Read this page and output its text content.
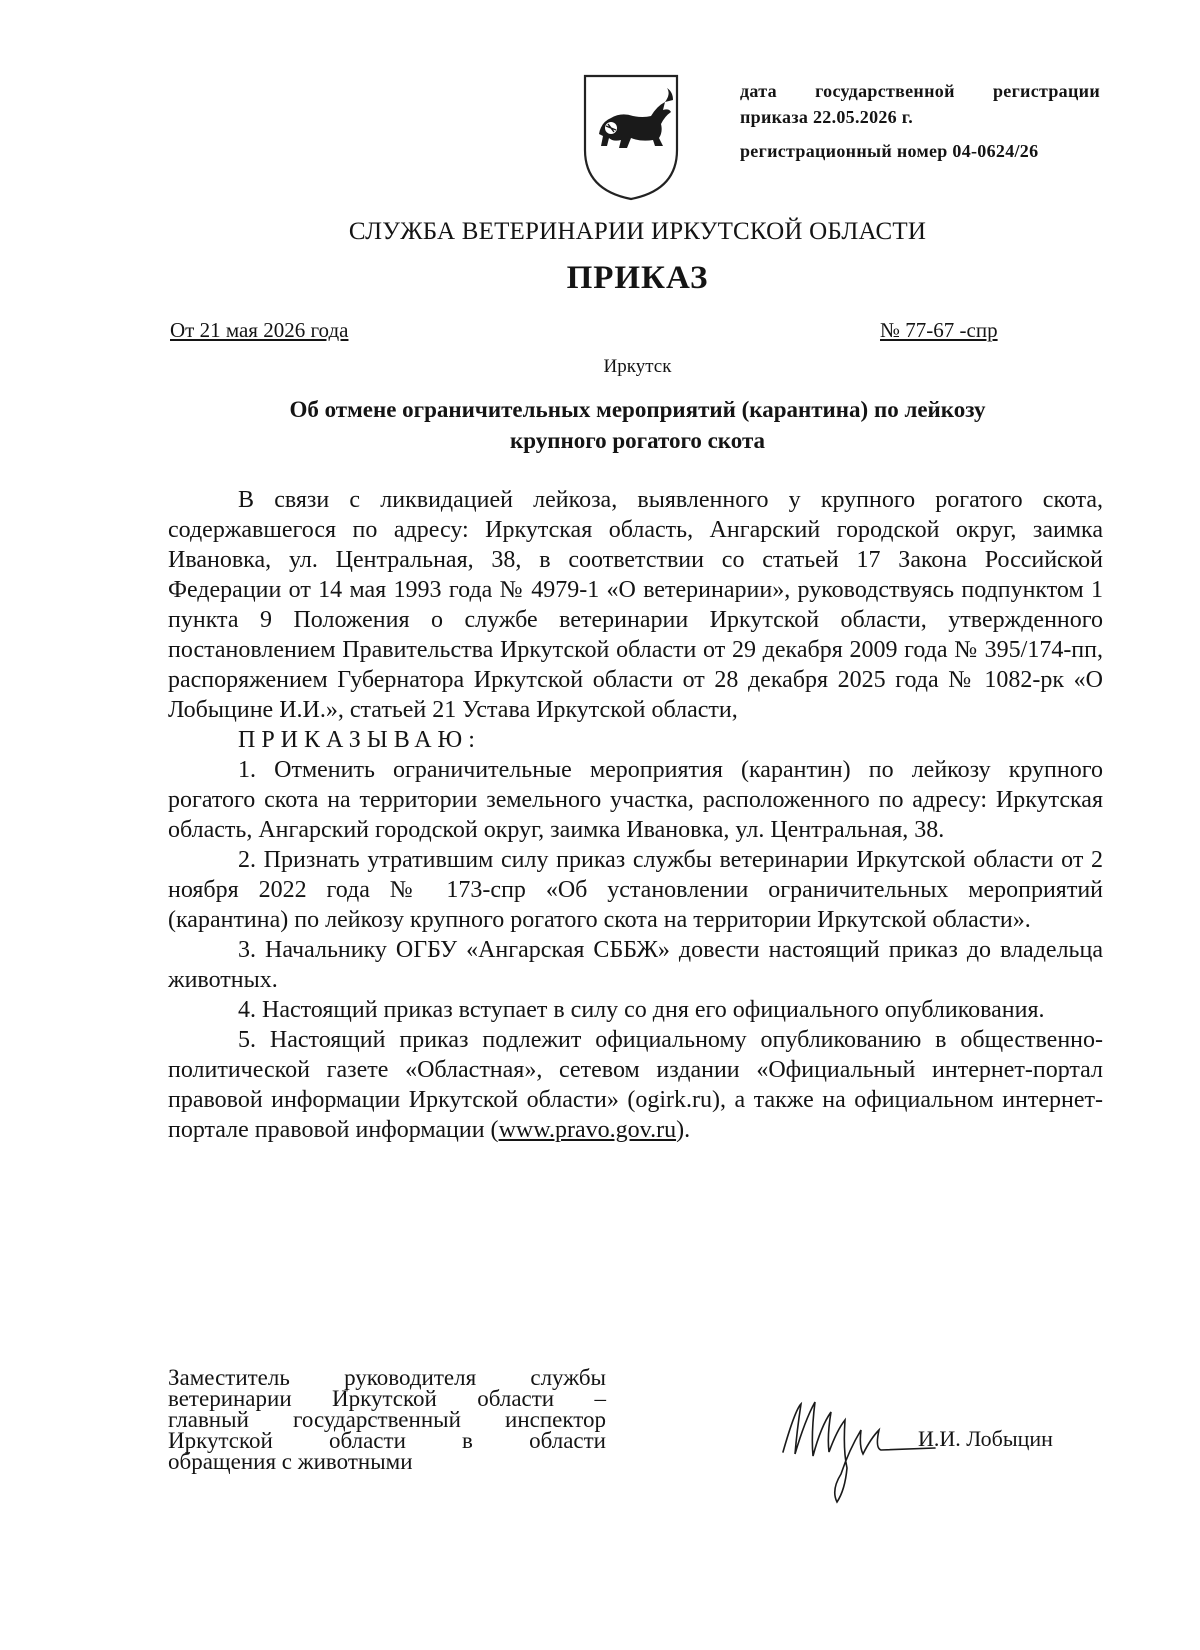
дата государственной регистрации
приказа 22.05.2026 г.
регистрационный номер 04-0624/26
СЛУЖБА ВЕТЕРИНАРИИ ИРКУТСКОЙ ОБЛАСТИ
ПРИКАЗ
От 21 мая 2026 года	№ 77-67 -спр
Иркутск
Об отмене ограничительных мероприятий (карантина) по лейкозу
крупного рогатого скота

В связи с ликвидацией лейкоза, выявленного у крупного рогатого скота, содержавшегося по адресу: Иркутская область, Ангарский городской округ, заимка Ивановка, ул. Центральная, 38, в соответствии со статьей 17 Закона Российской Федерации от 14 мая 1993 года № 4979-1 «О ветеринарии», руководствуясь подпунктом 1 пункта 9 Положения о службе ветеринарии Иркутской области, утвержденного постановлением Правительства Иркутской области от 29 декабря 2009 года № 395/174-пп, распоряжением Губернатора Иркутской области от 28 декабря 2025 года № 1082-рк «О Лобыцине И.И.», статьей 21 Устава Иркутской области,

ПРИКАЗЫВАЮ:

1. Отменить ограничительные мероприятия (карантин) по лейкозу крупного рогатого скота на территории земельного участка, расположенного по адресу: Иркутская область, Ангарский городской округ, заимка Ивановка, ул. Центральная, 38.

2. Признать утратившим силу приказ службы ветеринарии Иркутской области от 2 ноября 2022 года № 173-спр «Об установлении ограничительных мероприятий (карантина) по лейкозу крупного рогатого скота на территории Иркутской области».

3. Начальнику ОГБУ «Ангарская СББЖ» довести настоящий приказ до владельца животных.

4. Настоящий приказ вступает в силу со дня его официального опубликования.

5. Настоящий приказ подлежит официальному опубликованию в общественно-политической газете «Областная», сетевом издании «Официальный интернет-портал правовой информации Иркутской области» (ogirk.ru), а также на официальном интернет-портале правовой информации (www.pravo.gov.ru).

Заместитель руководителя службы
ветеринарии Иркутской области –
главный государственный инспектор
Иркутской области в области
обращения с животными
И.И. Лобыцин
